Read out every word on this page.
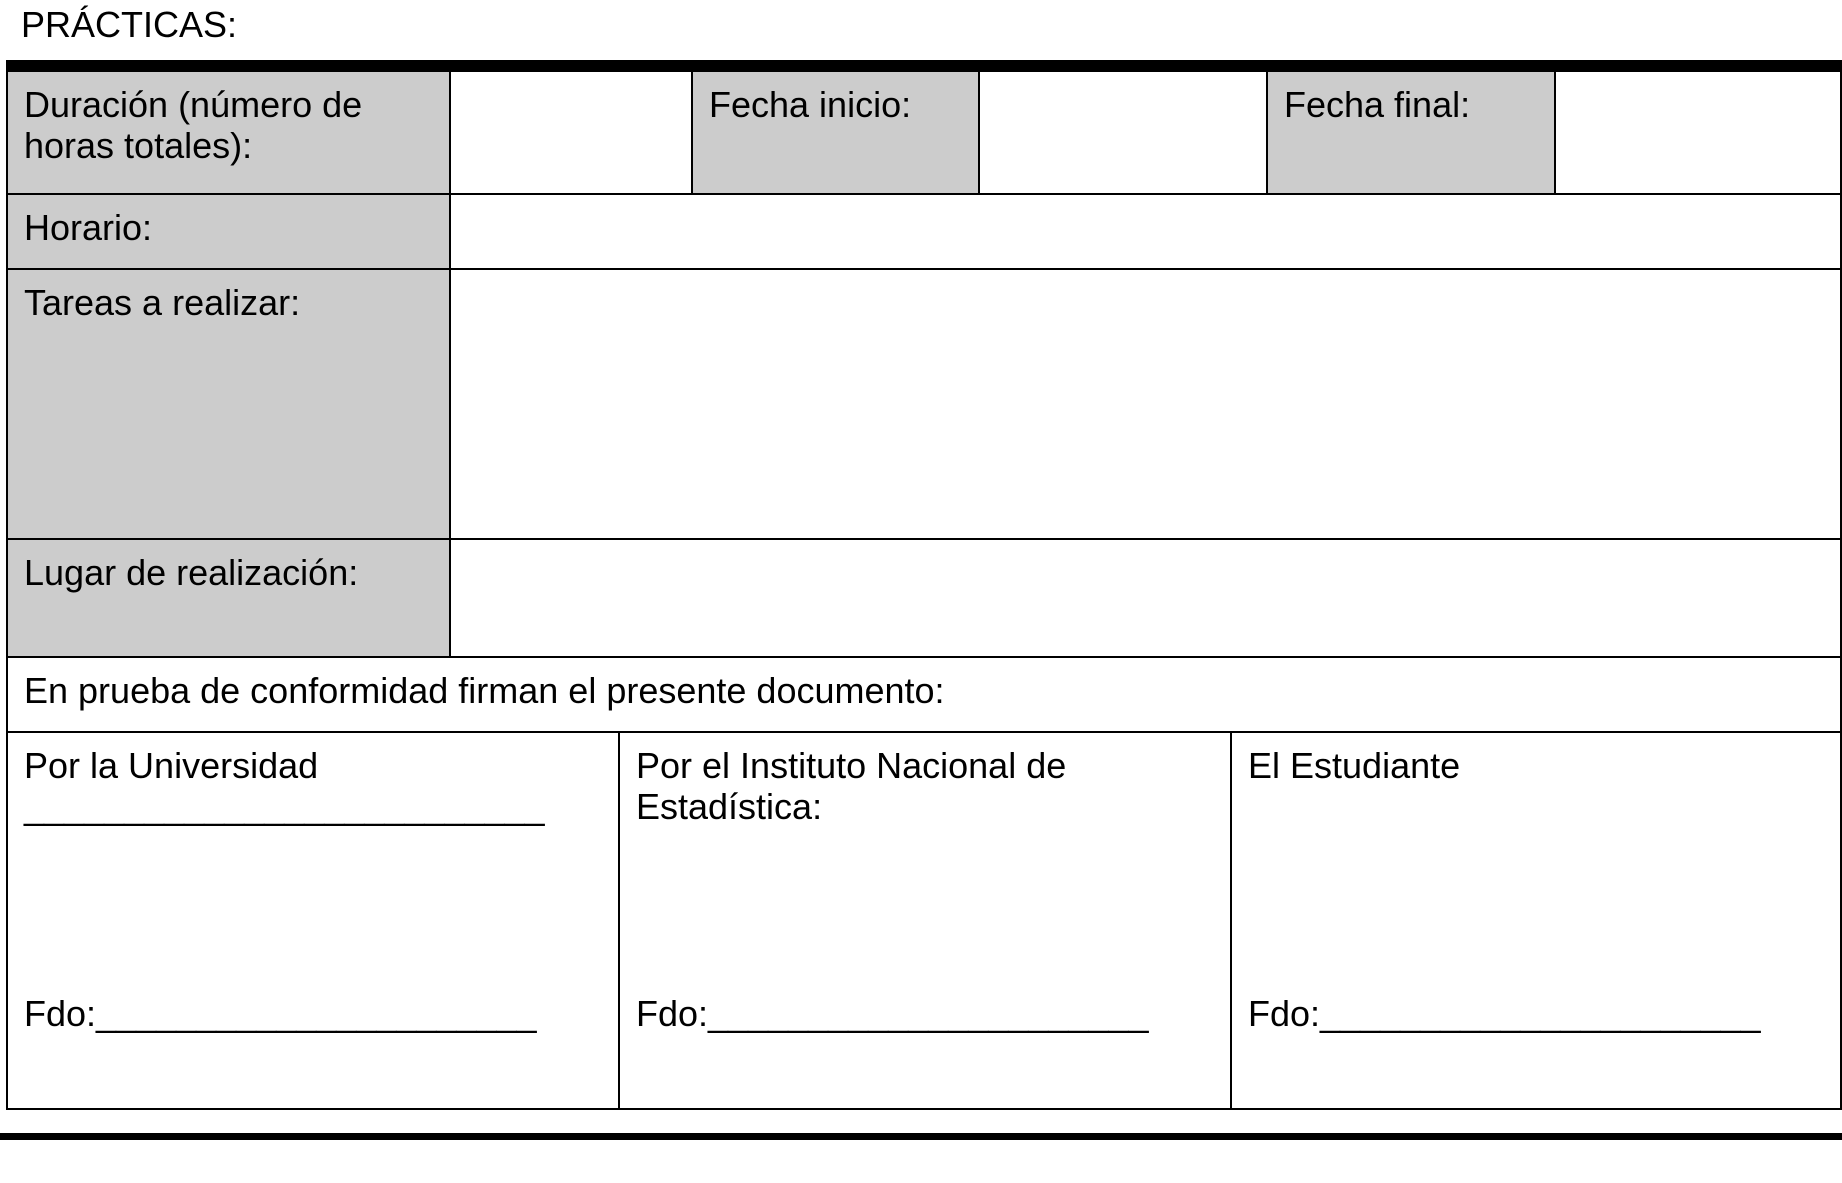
PRÁCTICAS:
Duración (número de horas totales):
Fecha inicio:	Fecha final:
Horario:
Tareas a realizar:
Lugar de realización:
En prueba de conformidad firman el presente documento:
Por la Universidad
__________________________
Fdo:______________________
Por el Instituto Nacional de Estadística:
Fdo:______________________
El Estudiante
Fdo:______________________
